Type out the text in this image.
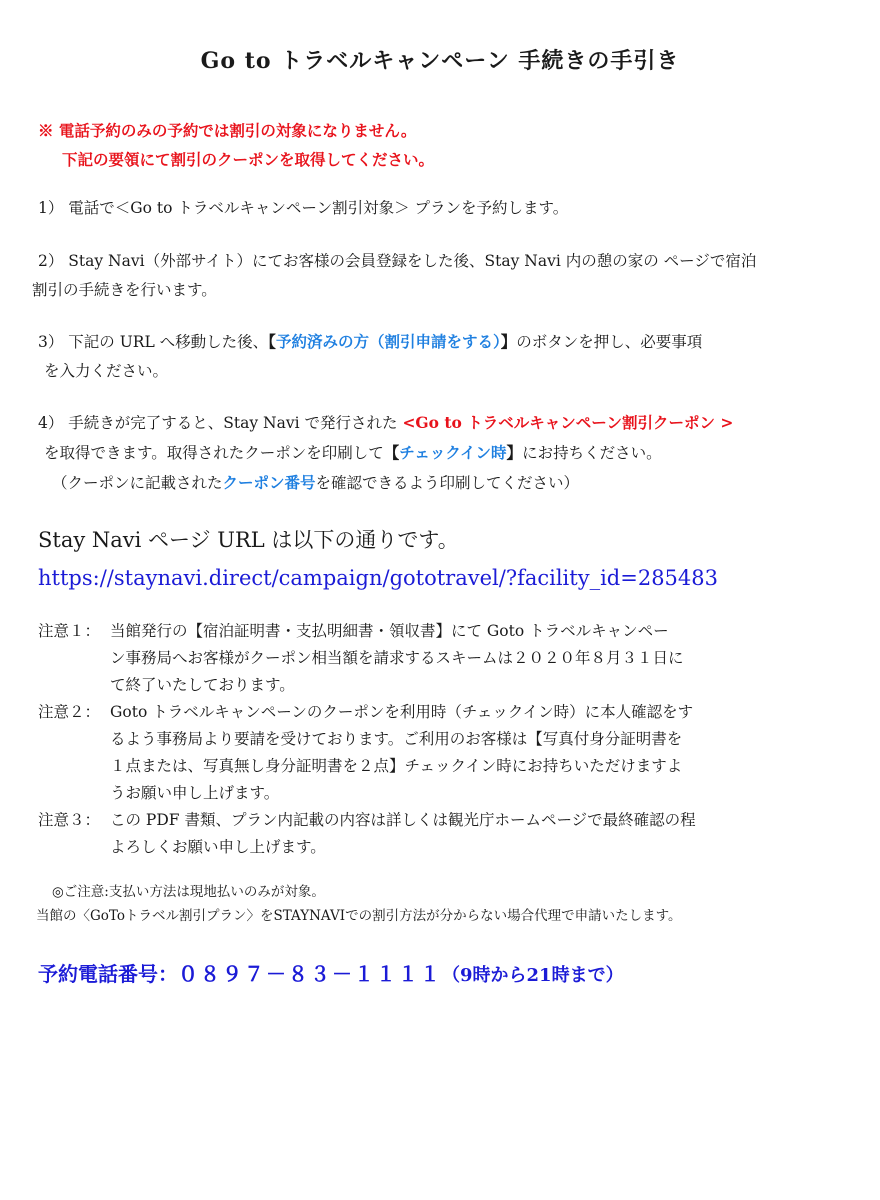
Go to トラベルキャンペーン 手続きの手引き
※ 電話予約のみの予約では割引の対象になりません。
下記の要領にて割引のクーポンを取得してください。
1） 電話で＜Go to トラベルキャンペーン割引対象＞ プランを予約します。
2） Stay Navi（外部サイト）にてお客様の会員登録をした後、Stay Navi 内の憩の家の ページで宿泊
割引の手続きを行います。
3） 下記の URL へ移動した後、【予約済みの方（割引申請をする）】のボタンを押し、必要事項
を入力ください。
4） 手続きが完了すると、Stay Navi で発行された <Go to トラベルキャンペーン割引クーポン >
を取得できます。取得されたクーポンを印刷して【チェックイン時】にお持ちください。
（クーポンに記載されたクーポン番号を確認できるよう印刷してください）
Stay Navi ページ URL は以下の通りです。
https://staynavi.direct/campaign/gototravel/?facility_id=285483
注意１： 当館発行の【宿泊証明書・支払明細書・領収書】にて Goto トラベルキャンペー
ン事務局へお客様がクーポン相当額を請求するスキームは２０２０年８月３１日に
て終了いたしております。
注意２： Goto トラベルキャンペーンのクーポンを利用時（チェックイン時）に本人確認をす
るよう事務局より要請を受けております。ご利用のお客様は【写真付身分証明書を
１点または、写真無し身分証明書を２点】チェックイン時にお持ちいただけますよ
うお願い申し上げます。
注意３： この PDF 書類、プラン内記載の内容は詳しくは観光庁ホームページで最終確認の程
よろしくお願い申し上げます。
◎ご注意:支払い方法は現地払いのみが対象。
当館の〈GoToトラベル割引プラン〉をSTAYNAVIでの割引方法が分からない場合代理で申請いたします。
予約電話番号：０８９７－８３－１１１１（9時から21時まで）
